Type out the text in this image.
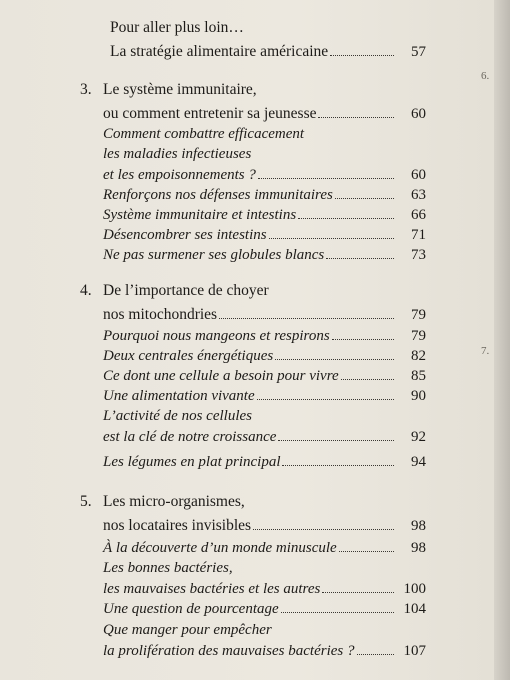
Pour aller plus loin…
La stratégie alimentaire américaine	57
3. Le système immunitaire,
ou comment entretenir sa jeunesse	60
Comment combattre efficacement
les maladies infectieuses
et les empoisonnements ?	60
Renforçons nos défenses immunitaires	63
Système immunitaire et intestins	66
Désencombrer ses intestins	71
Ne pas surmener ses globules blancs	73
4. De l’importance de choyer
nos mitochondries	79
Pourquoi nous mangeons et respirons	79
Deux centrales énergétiques	82
Ce dont une cellule a besoin pour vivre	85
Une alimentation vivante	90
L’activité de nos cellules
est la clé de notre croissance	92
Les légumes en plat principal	94
5. Les micro-organismes,
nos locataires invisibles	98
À la découverte d’un monde minuscule	98
Les bonnes bactéries,
les mauvaises bactéries et les autres	100
Une question de pourcentage	104
Que manger pour empêcher
la prolifération des mauvaises bactéries ?	107
6.
7.
